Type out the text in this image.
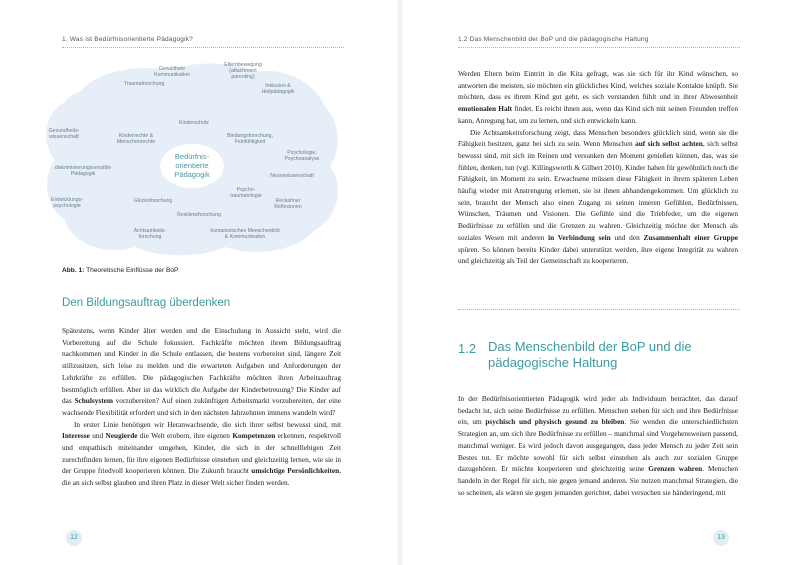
1. Was ist Bedürfnisorientierte Pädagogik?
Gewaltfreie
Kommunikation
Elternbewegung
(attachment
parenting)
Traumaforschung	Inklusion &
Heilpädagogik
Kinderschutz
Gesundheits-
wissenschaft	Kinderrechte &
Menschenrechte
Bindungsforschung,
Feinfühligkeit
Psychologie,
Psychoanalyse
diskriminierungssensible
Pädagogik	Neurowissenschaft
Psycho-
traumatologie
Entwicklungs-
psychologie
Glücksforschung	Reckahner
Reflexionen
Resilienzforschung
Achtsamkeits-
forschung
humanistisches Menschenbild
& Kommunikation
Bedürfnis-
orientierte
Pädagogik
Abb. 1: Theoretische Einflüsse der BoP
Den Bildungsauftrag überdenken

Spätestens, wenn Kinder älter werden und die Einschulung in Aussicht steht, wird die Vorbereitung auf die Schule fokussiert. Fachkräfte möchten ihrem Bildungsauftrag nachkommen und Kinder in die Schule entlassen, die bestens vorbereitet sind, längere Zeit stillzusitzen, sich leise zu melden und die erwarteten Aufgaben und Anforderungen der Lehrkräfte zu erfüllen. Die pädagogischen Fachkräfte möchten ihren Arbeitsauftrag bestmöglich erfüllen. Aber ist das wirklich die Aufgabe der Kinderbetreuung? Die Kinder auf das Schulsystem vorzubereiten? Auf einen zukünftigen Arbeitsmarkt vorzubereiten, der eine wachsende Flexibilität erfordert und sich in den nächsten Jahrzehnten immens wandeln wird?

In erster Linie benötigen wir Heranwachsende, die sich ihrer selbst bewusst sind, mit Interesse und Neugierde die Welt erobern, ihre eigenen Kompetenzen erkennen, respektvoll und empathisch miteinander umgehen, Kinder, die sich in der schnelllebigen Zeit zurechtfinden lernen, für ihre eigenen Bedürfnisse einstehen und gleichzeitig lernen, wie sie in der Gruppe friedvoll kooperieren können. Die Zukunft braucht umsichtige Persönlichkeiten, die an sich selbst glauben und ihren Platz in dieser Welt sicher finden werden.

12
1.2 Das Menschenbild der BoP und die pädagogische Haltung

Werden Eltern beim Eintritt in die Kita gefragt, was sie sich für ihr Kind wünschen, so antworten die meisten, sie möchten ein glückliches Kind, welches soziale Kontakte knüpft. Sie möchten, dass es ihrem Kind gut geht, es sich verstanden fühlt und in ihrer Abwesenheit emotionalen Halt findet. Es reicht ihnen aus, wenn das Kind sich mit seinen Freunden treffen kann, Anregung hat, um zu lernen, und sich entwickeln kann.

Die Achtsamkeitsforschung zeigt, dass Menschen besonders glücklich sind, wenn sie die Fähigkeit besitzen, ganz bei sich zu sein. Wenn Menschen auf sich selbst achten, sich selbst bewusst sind, mit sich im Reinen und versunken den Moment genießen können, das, was sie fühlen, denken, tun (vgl. Killingsworth & Gilbert 2010). Kinder haben für gewöhnlich noch die Fähigkeit, im Moment zu sein. Erwachsene müssen diese Fähigkeit in ihrem späteren Leben häufig wieder mit Anstrengung erlernen, sie ist ihnen abhandengekommen. Um glücklich zu sein, braucht der Mensch also einen Zugang zu seinen inneren Gefühlen, Bedürfnissen, Wünschen, Träumen und Visionen. Die Gefühle sind die Triebfeder, um die eigenen Bedürfnisse zu erfüllen und die Grenzen zu wahren. Gleichzeitig möchte der Mensch als soziales Wesen mit anderen in Verbindung sein und den Zusammenhalt einer Gruppe spüren. So können bereits Kinder dabei unterstützt werden, ihre eigene Integrität zu wahren und gleichzeitig als Teil der Gemeinschaft zu kooperieren.

1.2 Das Menschenbild der BoP und die pädagogische Haltung

In der Bedürfnisorientierten Pädagogik wird jeder als Individuum betrachtet, das darauf bedacht ist, sich seine Bedürfnisse zu erfüllen. Menschen stehen für sich und ihre Bedürfnisse ein, um psychisch und physisch gesund zu bleiben. Sie wenden die unterschiedlichsten Strategien an, um sich ihre Bedürfnisse zu erfüllen – manchmal sind Vorgehensweisen passend, manchmal weniger. Es wird jedoch davon ausgegangen, dass jeder Mensch zu jeder Zeit sein Bestes tut. Er möchte sowohl für sich selbst einstehen als auch zur sozialen Gruppe dazugehören. Er möchte kooperieren und gleichzeitig seine Grenzen wahren. Menschen handeln in der Regel für sich, nie gegen jemand anderen. Sie nutzen manchmal Strategien, die so scheinen, als wären sie gegen jemanden gerichtet, dabei versuchen sie händeringend, mit

13
